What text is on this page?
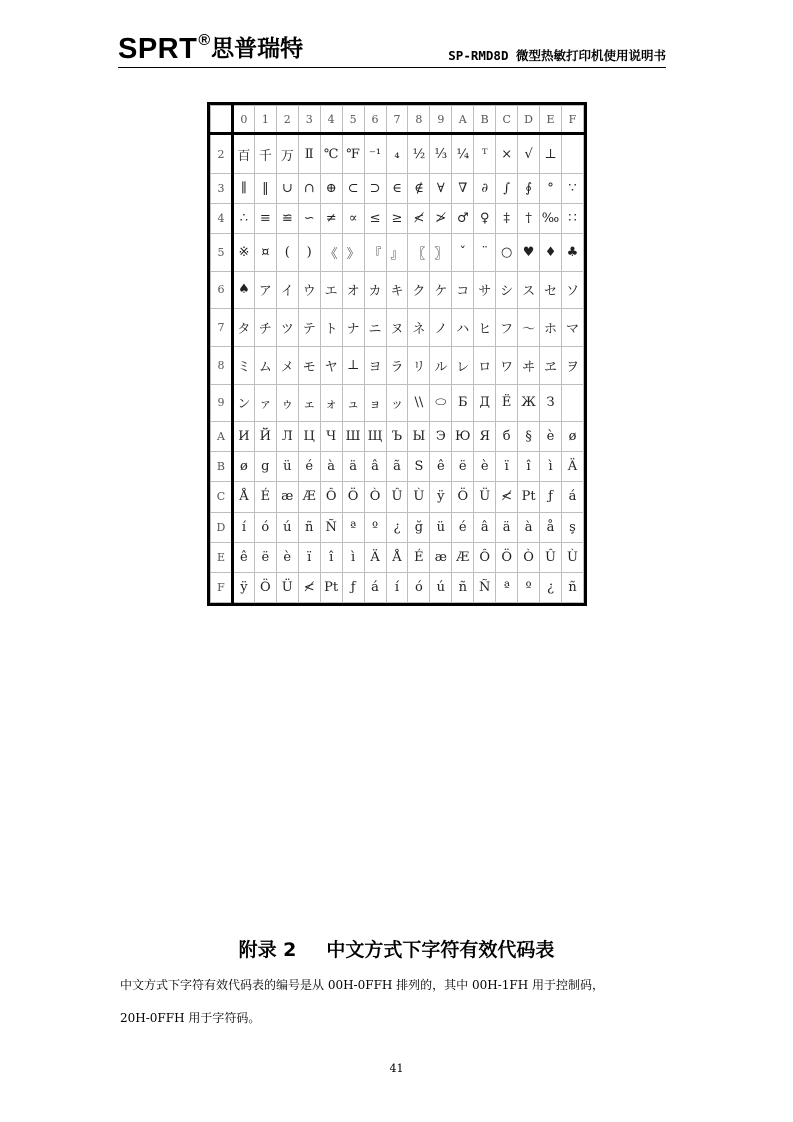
SPRT ® 思普瑞特	SP-RMD8D 微型热敏打印机使用说明书
	0	1	2	3	4	5	6	7	8	9	A	B	C	D	E	F
2	百	千	万	Ⅱ	℃	℉	⁻¹	₄	½	⅓	¼	ᵀ	×	√	⊥	
3	∥	‖	∪	∩	⊕	⊂	⊃	∈	∉	∀	∇	∂	∫	∮	°	∵
4	∴	≡	≌	∽	≠	∝	≤	≥	≮	≯	♂	♀	‡	†	‰	∷
5	※	¤	(	)	《	》	『	』	〖	〗	ˇ	¨	○	♥	♦	♣
6	♠	ア	イ	ウ	エ	オ	カ	キ	ク	ケ	コ	サ	シ	ス	セ	ソ
7	タ	チ	ツ	テ	ト	ナ	ニ	ヌ	ネ	ノ	ハ	ヒ	フ	〜	ホ	マ
8	ミ	ム	メ	モ	ヤ	⊥	ヨ	ラ	リ	ル	レ	ロ	ワ	ヰ	ヱ	ヲ
9	ン	ァ	ゥ	ェ	ォ	ュ	ョ	ッ	\\	⬭	Б	Д	Ё	Ж	З	
A	И	Й	Л	Ц	Ч	Ш	Щ	Ъ	Ы	Э	Ю	Я	б	§	è	ø
B	ø	g	ü	é	à	ä	â	ã	S	ê	ë	è	ï	î	ì	Ä
C	Å	É	æ	Æ	Ô	Ö	Ò	Û	Ù	ÿ	Ö	Ü	≮	Pt	ƒ	á
D	í	ó	ú	ñ	Ñ	ª	º	¿	ğ	ü	é	â	ä	à	å	ş
E	ê	ë	è	ï	î	ì	Ä	Å	É	æ	Æ	Ô	Ö	Ò	Û	Ù
F	ÿ	Ö	Ü	≮	Pt	ƒ	á	í	ó	ú	ñ	Ñ	ª	º	¿	ñ
附录 2 中文方式下字符有效代码表
中文方式下字符有效代码表的编号是从 00H-0FFH 排列的，其中 00H-1FH 用于控制码，
20H-0FFH 用于字符码。
41
